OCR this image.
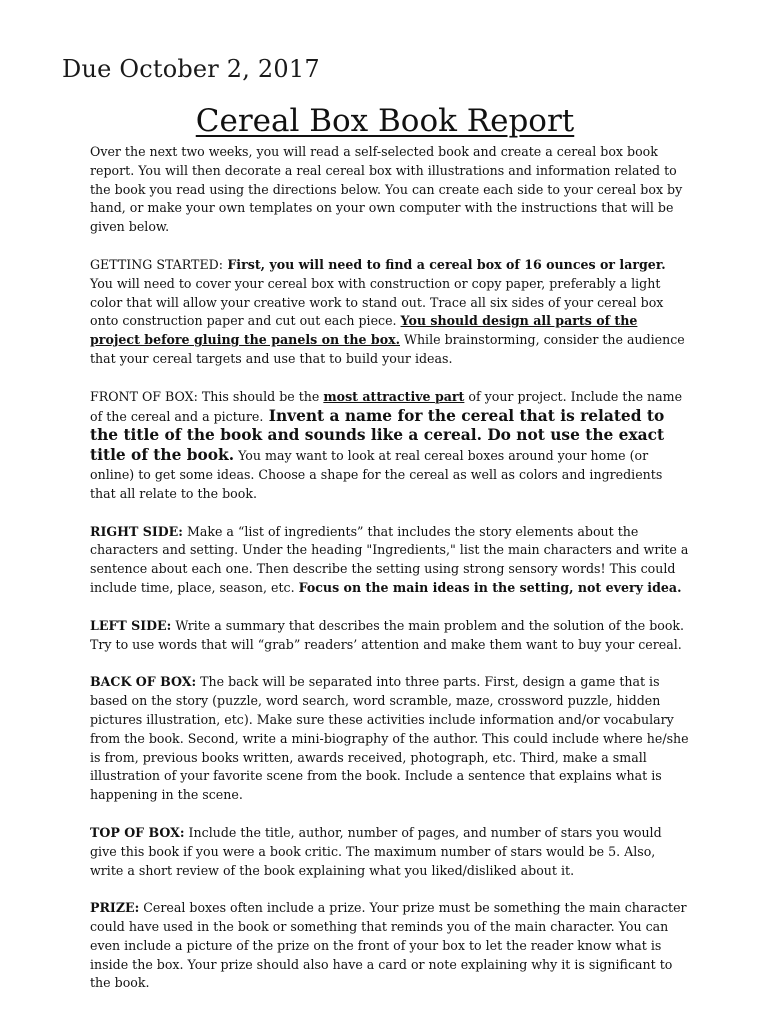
Due October 2, 2017
Cereal Box Book Report

Over the next two weeks, you will read a self-selected book and create a cereal box book report. You will then decorate a real cereal box with illustrations and information related to the book you read using the directions below. You can create each side to your cereal box by hand, or make your own templates on your own computer with the instructions that will be given below.

GETTING STARTED: First, you will need to find a cereal box of 16 ounces or larger. You will need to cover your cereal box with construction or copy paper, preferably a light color that will allow your creative work to stand out. Trace all six sides of your cereal box onto construction paper and cut out each piece. You should design all parts of the project before gluing the panels on the box. While brainstorming, consider the audience that your cereal targets and use that to build your ideas.

FRONT OF BOX: This should be the most attractive part of your project. Include the name of the cereal and a picture. Invent a name for the cereal that is related to the title of the book and sounds like a cereal. Do not use the exact title of the book. You may want to look at real cereal boxes around your home (or online) to get some ideas. Choose a shape for the cereal as well as colors and ingredients that all relate to the book.

RIGHT SIDE: Make a “list of ingredients” that includes the story elements about the characters and setting. Under the heading "Ingredients," list the main characters and write a sentence about each one. Then describe the setting using strong sensory words! This could include time, place, season, etc. Focus on the main ideas in the setting, not every idea.

LEFT SIDE: Write a summary that describes the main problem and the solution of the book. Try to use words that will “grab” readers’ attention and make them want to buy your cereal.

BACK OF BOX: The back will be separated into three parts. First, design a game that is based on the story (puzzle, word search, word scramble, maze, crossword puzzle, hidden pictures illustration, etc). Make sure these activities include information and/or vocabulary from the book. Second, write a mini-biography of the author. This could include where he/she is from, previous books written, awards received, photograph, etc. Third, make a small illustration of your favorite scene from the book. Include a sentence that explains what is happening in the scene.

TOP OF BOX: Include the title, author, number of pages, and number of stars you would give this book if you were a book critic. The maximum number of stars would be 5. Also, write a short review of the book explaining what you liked/disliked about it.

PRIZE: Cereal boxes often include a prize. Your prize must be something the main character could have used in the book or something that reminds you of the main character. You can even include a picture of the prize on the front of your box to let the reader know what is inside the box. Your prize should also have a card or note explaining why it is significant to the book.
